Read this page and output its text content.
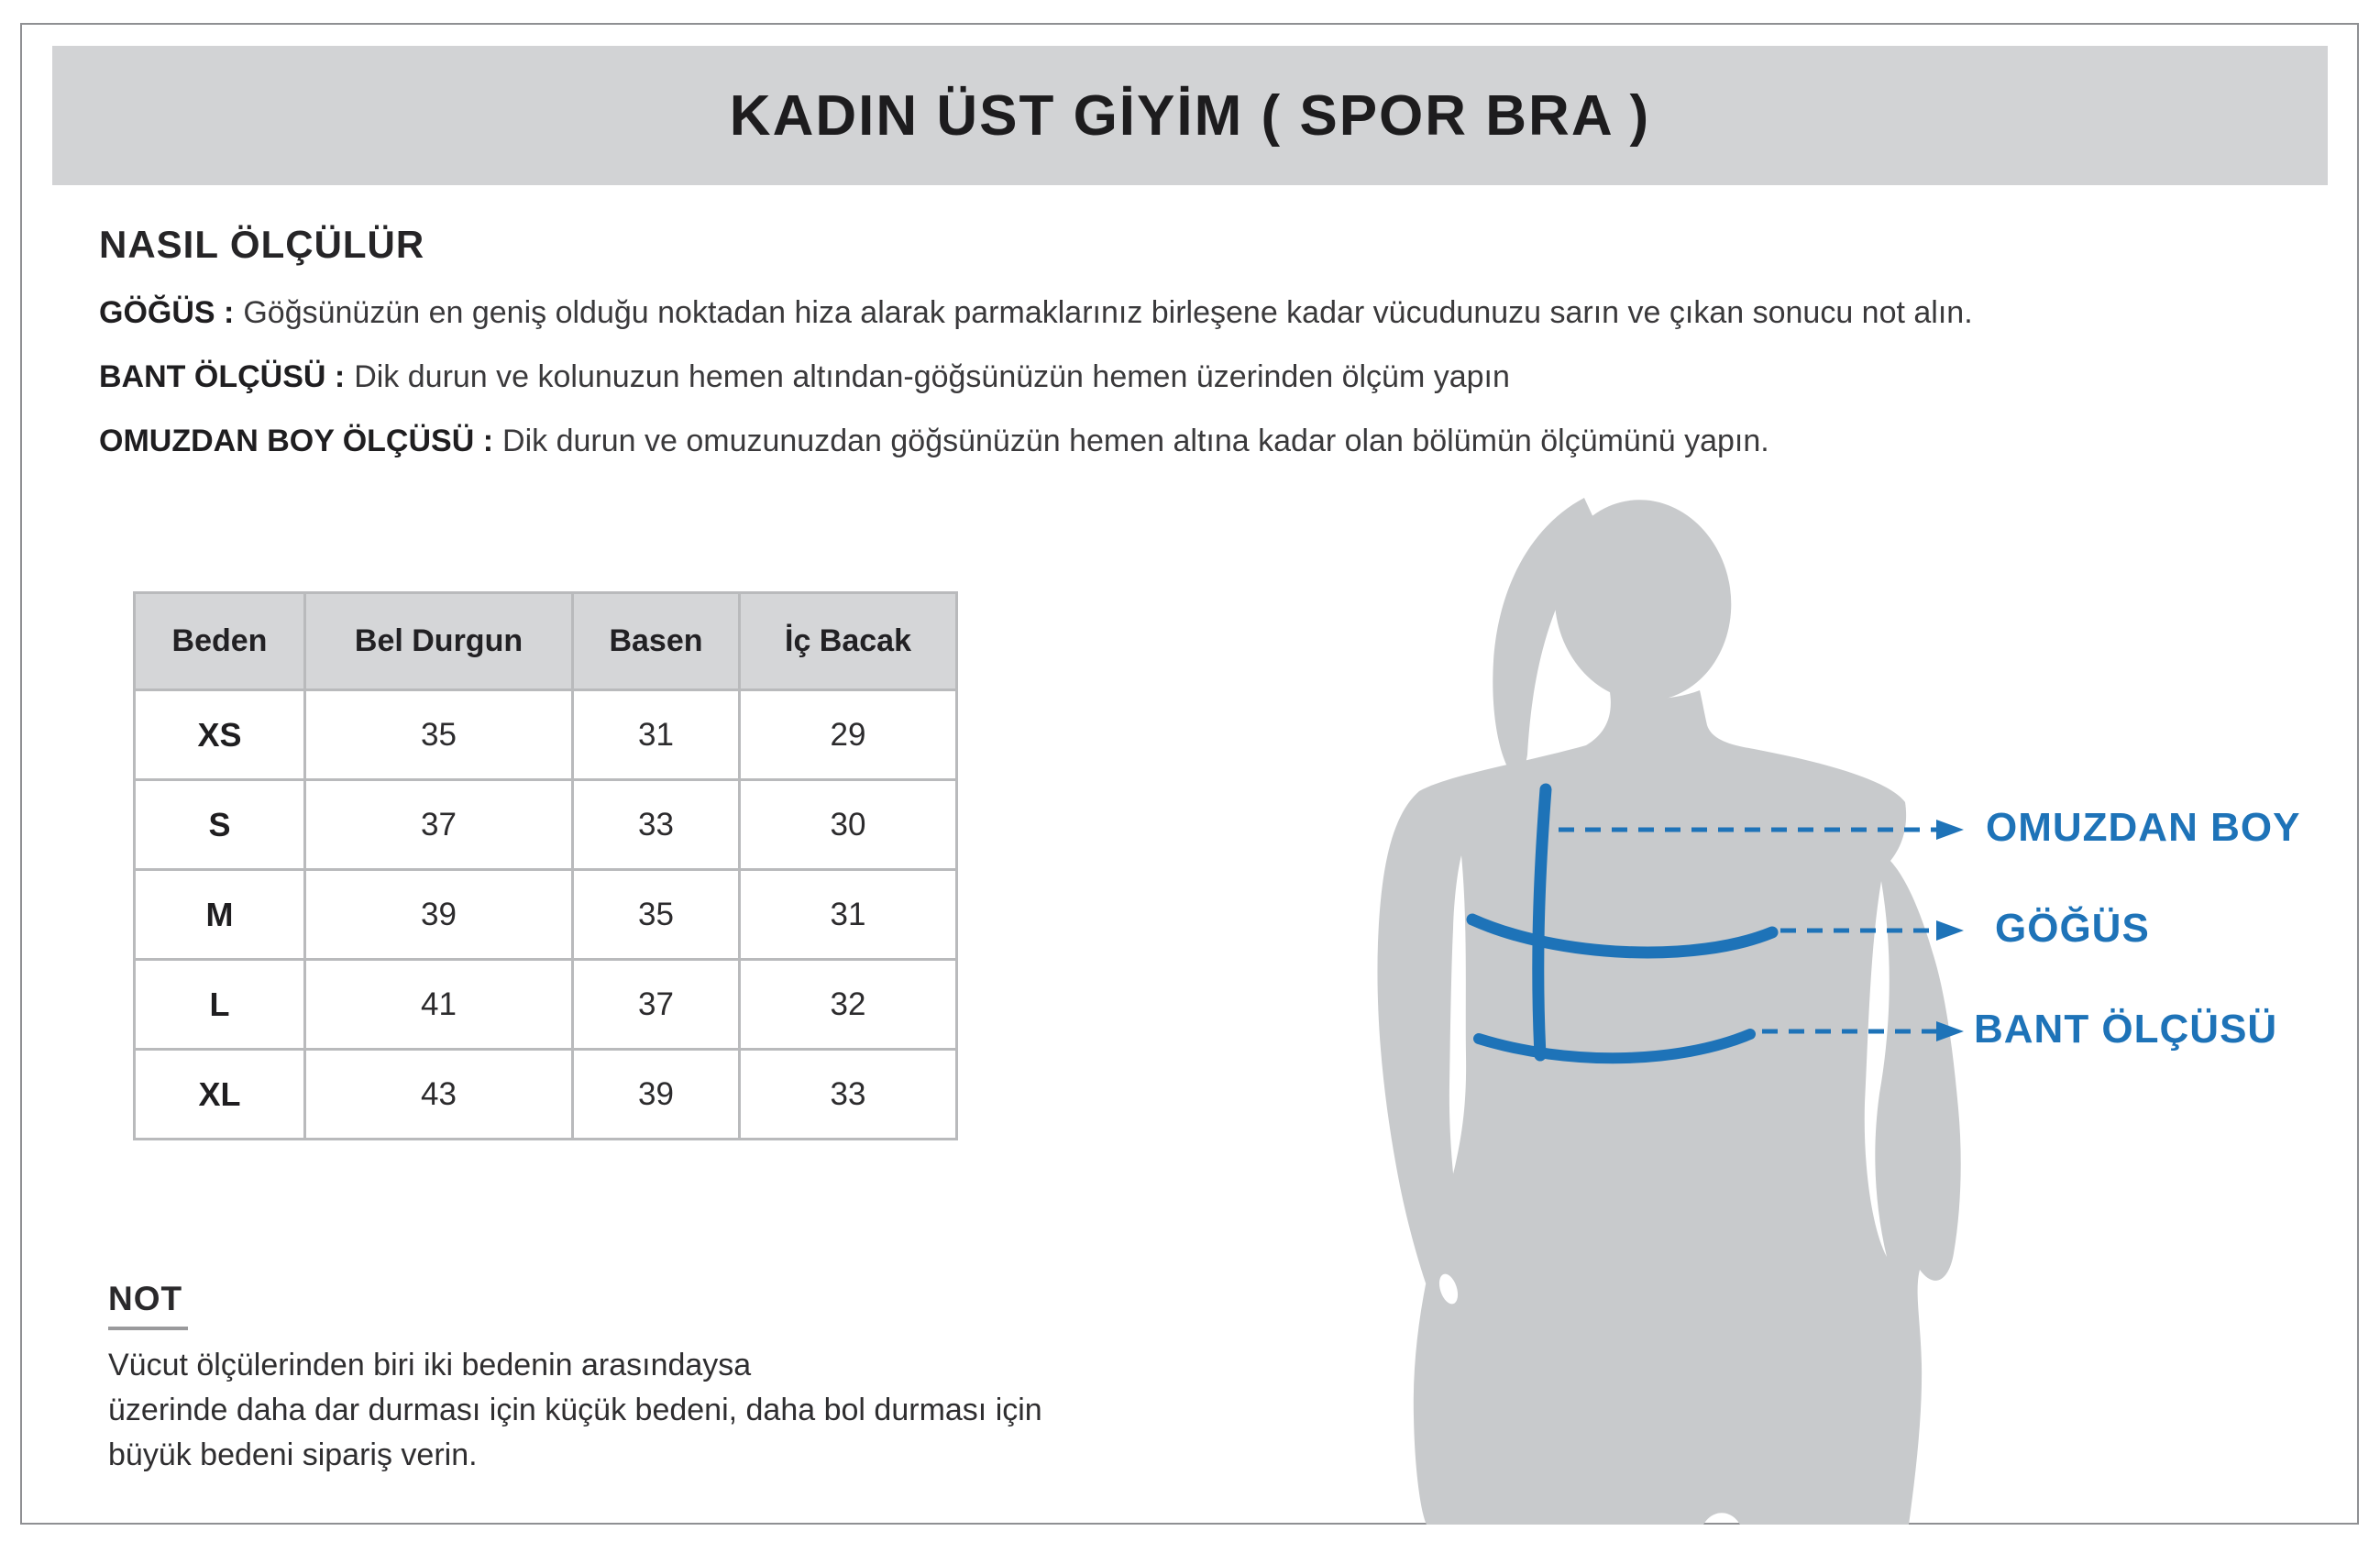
KADIN ÜST GİYİM ( SPOR BRA )
NASIL ÖLÇÜLÜR
GÖĞÜS : Göğsünüzün en geniş olduğu noktadan hiza alarak parmaklarınız birleşene kadar vücudunuzu sarın ve çıkan sonucu not alın.
BANT ÖLÇÜSÜ : Dik durun ve kolunuzun hemen altından-göğsünüzün hemen üzerinden ölçüm yapın
OMUZDAN BOY ÖLÇÜSÜ : Dik durun ve omuzunuzdan göğsünüzün hemen altına kadar olan bölümün ölçümünü yapın.
Beden	Bel Durgun	Basen	İç Bacak
XS	35	31	29
S	37	33	30
M	39	35	31
L	41	37	32
XL	43	39	33
NOT
Vücut ölçülerinden biri iki bedenin arasındaysa
üzerinde daha dar durması için küçük bedeni, daha bol durması için
büyük bedeni sipariş verin.
OMUZDAN BOY
GÖĞÜS
BANT ÖLÇÜSÜ
